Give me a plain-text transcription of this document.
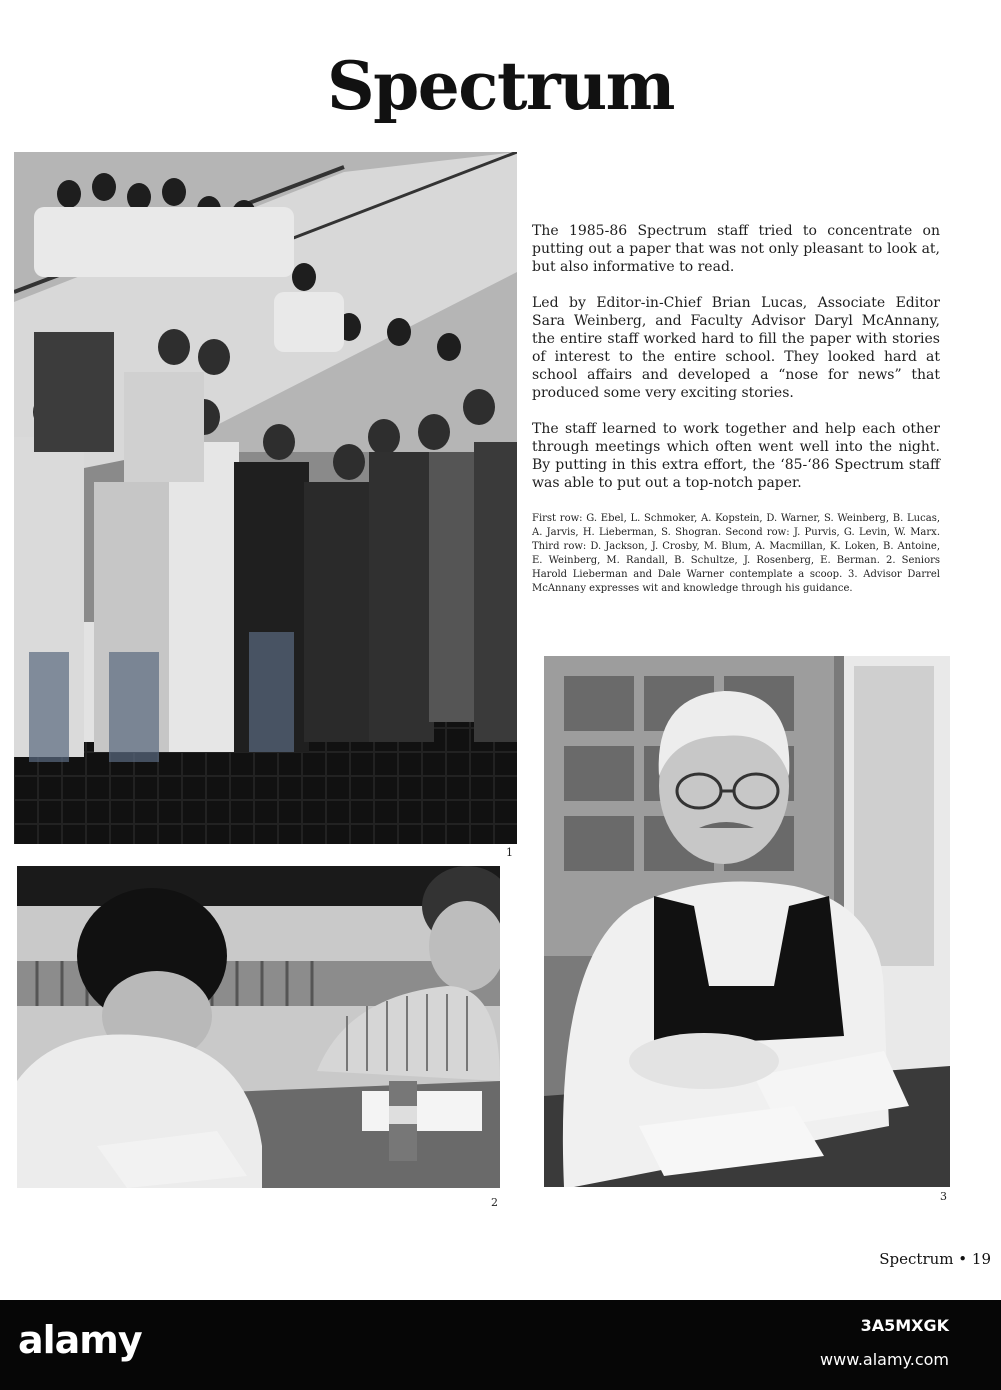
Spectrum
1
2	3

The 1985-86 Spectrum staff tried to concentrate on putting out a paper that was not only pleasant to look at, but also informative to read.

Led by Editor-in-Chief Brian Lucas, Associate Editor Sara Weinberg, and Faculty Advisor Daryl McAnnany, the entire staff worked hard to fill the paper with stories of interest to the entire school. They looked hard at school affairs and developed a “nose for news” that produced some very exciting stories.

The staff learned to work together and help each other through meetings which often went well into the night. By putting in this extra effort, the ‘85-‘86 Spectrum staff was able to put out a top-notch paper.

First row: G. Ebel, L. Schmoker, A. Kopstein, D. Warner, S. Weinberg, B. Lucas, A. Jarvis, H. Lieberman, S. Shogran. Second row: J. Purvis, G. Levin, W. Marx. Third row: D. Jackson, J. Crosby, M. Blum, A. Macmillan, K. Loken, B. Antoine, E. Weinberg, M. Randall, B. Schultze, J. Rosenberg, E. Berman. 2. Seniors Harold Lieberman and Dale Warner contemplate a scoop. 3. Advisor Darrel McAnnany expresses wit and knowledge through his guidance.

Spectrum • 19
alamy	3A5MXGK
www.alamy.com
